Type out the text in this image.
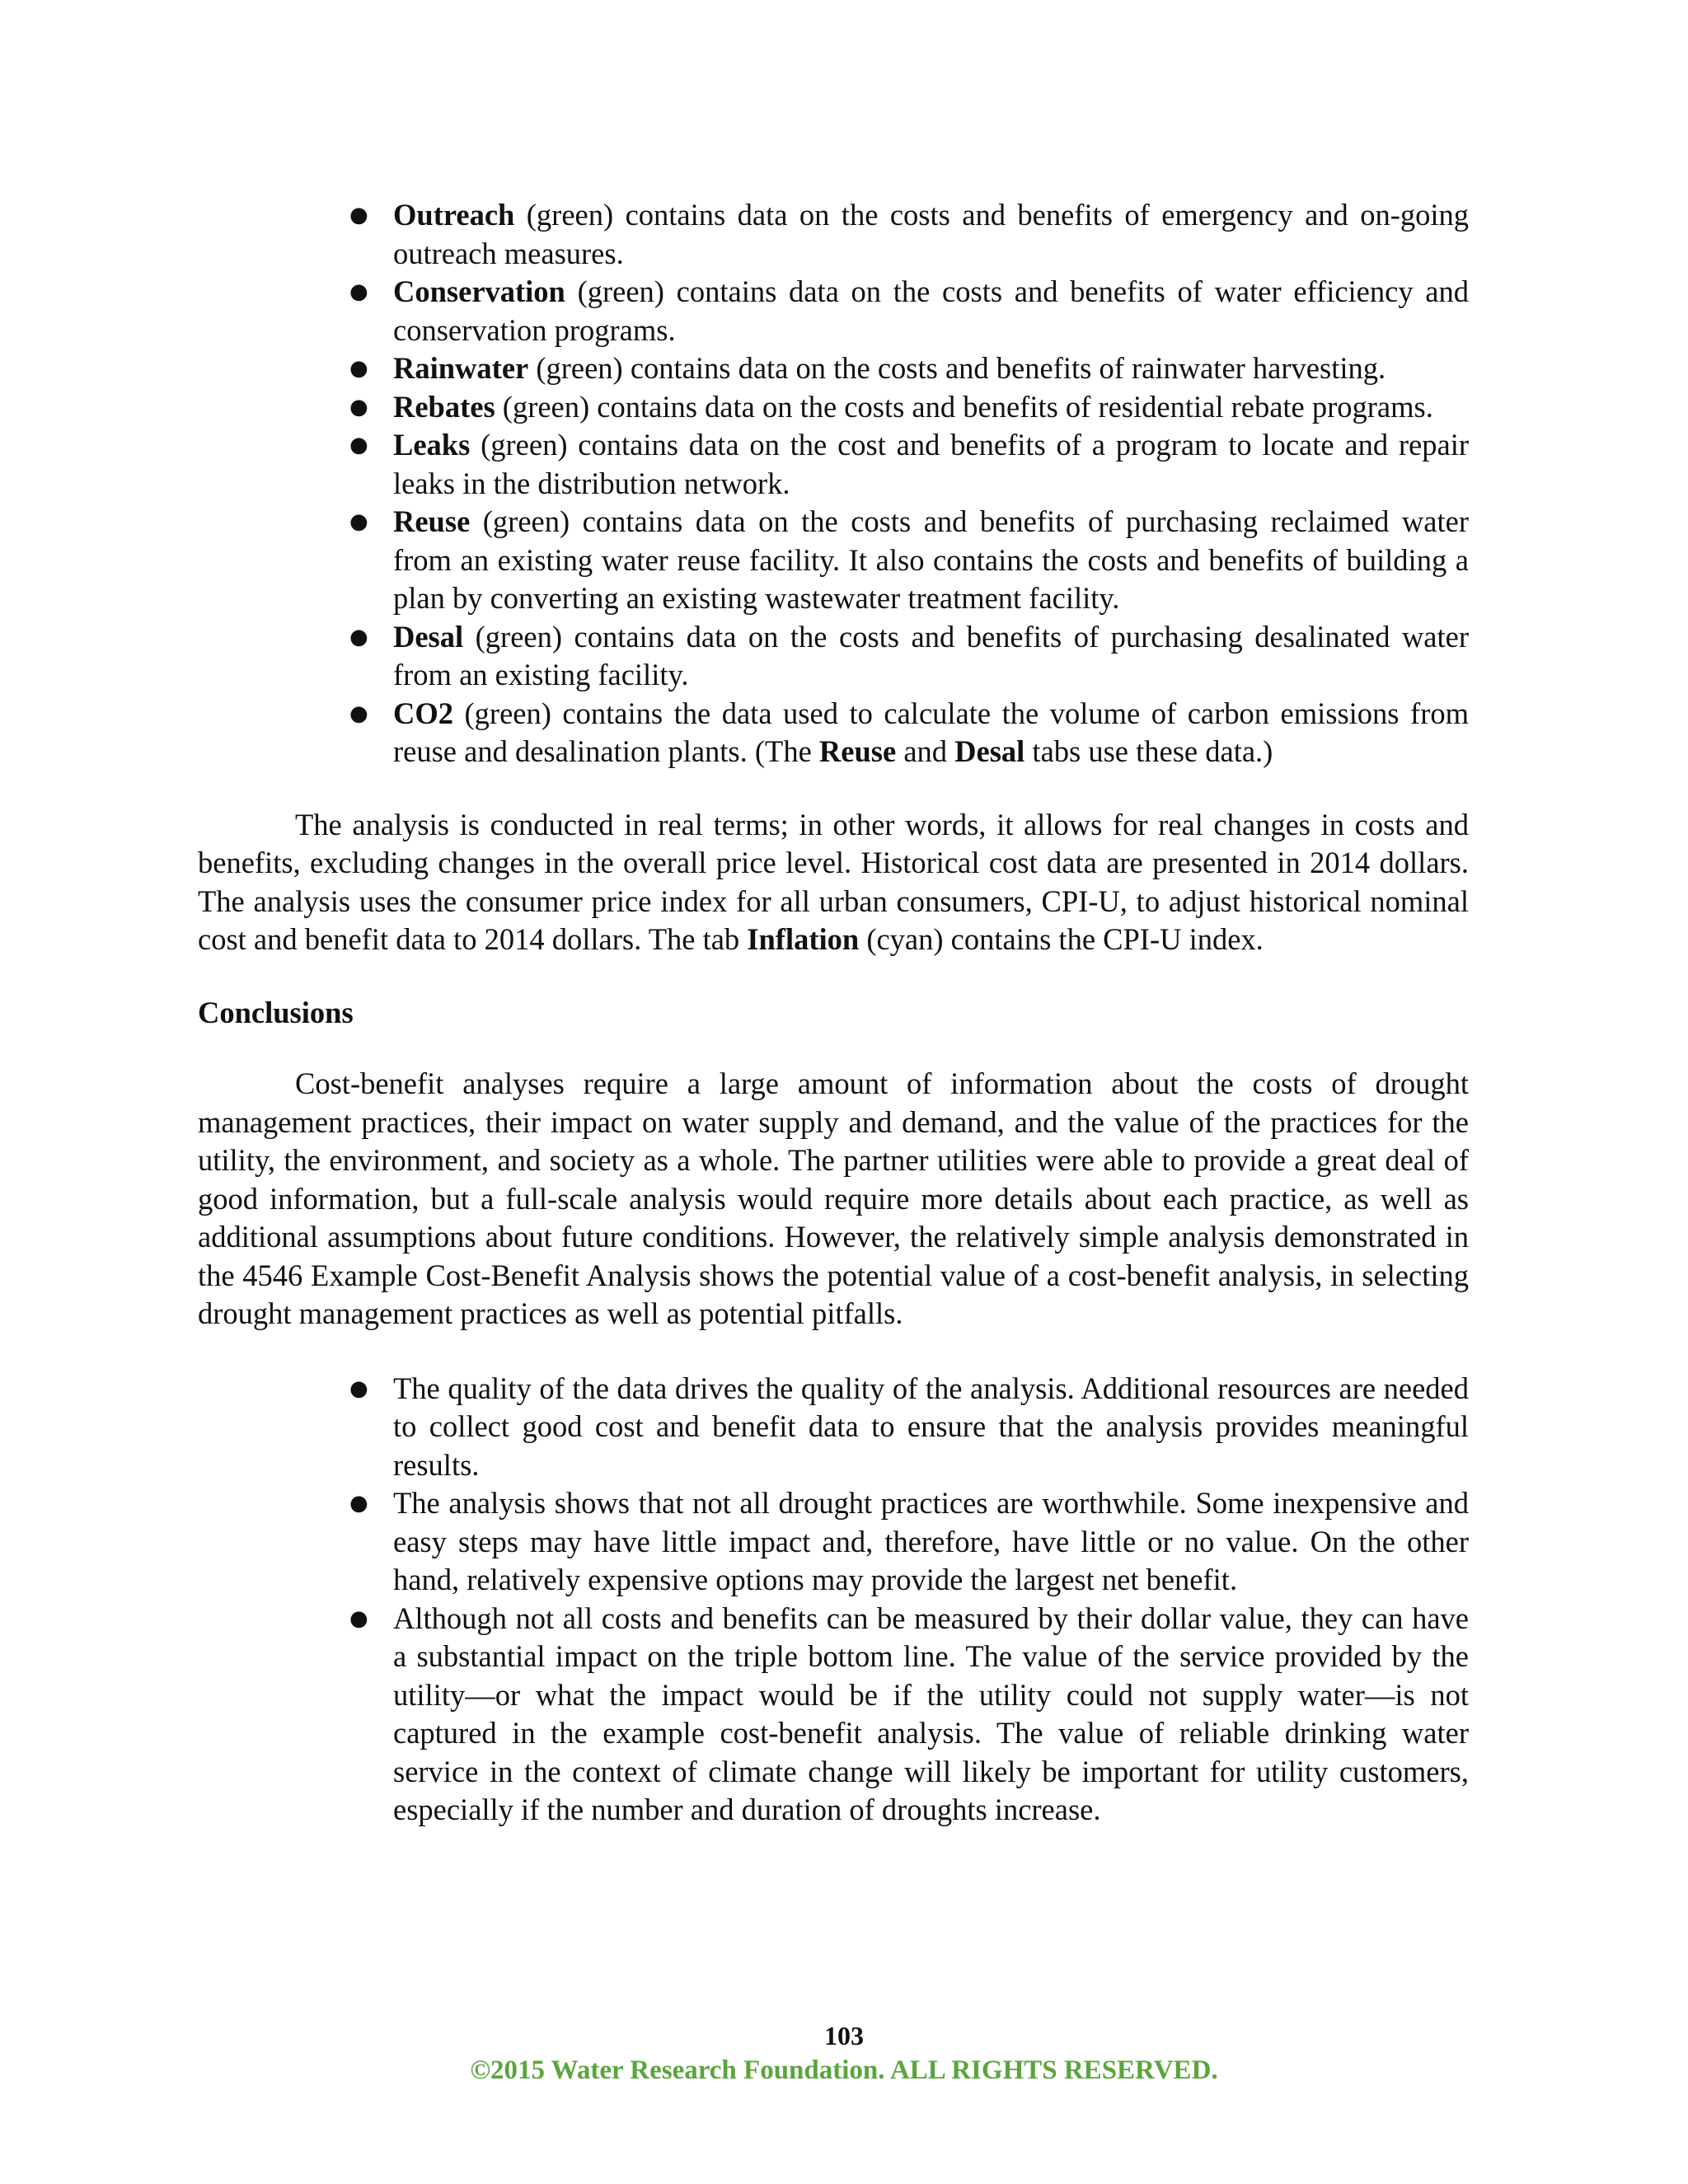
● Outreach (green) contains data on the costs and benefits of emergency and on-going outreach measures.
● Conservation (green) contains data on the costs and benefits of water efficiency and conservation programs.
● Rainwater (green) contains data on the costs and benefits of rainwater harvesting.
● Rebates (green) contains data on the costs and benefits of residential rebate programs.
● Leaks (green) contains data on the cost and benefits of a program to locate and repair leaks in the distribution network.
● Reuse (green) contains data on the costs and benefits of purchasing reclaimed water from an existing water reuse facility. It also contains the costs and benefits of building a plan by converting an existing wastewater treatment facility.
● Desal (green) contains data on the costs and benefits of purchasing desalinated water from an existing facility.
● CO2 (green) contains the data used to calculate the volume of carbon emissions from reuse and desalination plants. (The Reuse and Desal tabs use these data.)

The analysis is conducted in real terms; in other words, it allows for real changes in costs and benefits, excluding changes in the overall price level. Historical cost data are presented in 2014 dollars. The analysis uses the consumer price index for all urban consumers, CPI-U, to adjust historical nominal cost and benefit data to 2014 dollars. The tab Inflation (cyan) contains the CPI-U index.

Conclusions

Cost-benefit analyses require a large amount of information about the costs of drought management practices, their impact on water supply and demand, and the value of the practices for the utility, the environment, and society as a whole. The partner utilities were able to provide a great deal of good information, but a full-scale analysis would require more details about each practice, as well as additional assumptions about future conditions. However, the relatively simple analysis demonstrated in the 4546 Example Cost-Benefit Analysis shows the potential value of a cost-benefit analysis, in selecting drought management practices as well as potential pitfalls.

● The quality of the data drives the quality of the analysis. Additional resources are needed to collect good cost and benefit data to ensure that the analysis provides meaningful results.
● The analysis shows that not all drought practices are worthwhile. Some inexpensive and easy steps may have little impact and, therefore, have little or no value. On the other hand, relatively expensive options may provide the largest net benefit.
● Although not all costs and benefits can be measured by their dollar value, they can have a substantial impact on the triple bottom line. The value of the service provided by the utility—or what the impact would be if the utility could not supply water—is not captured in the example cost-benefit analysis. The value of reliable drinking water service in the context of climate change will likely be important for utility customers, especially if the number and duration of droughts increase.
103
©2015 Water Research Foundation. ALL RIGHTS RESERVED.
